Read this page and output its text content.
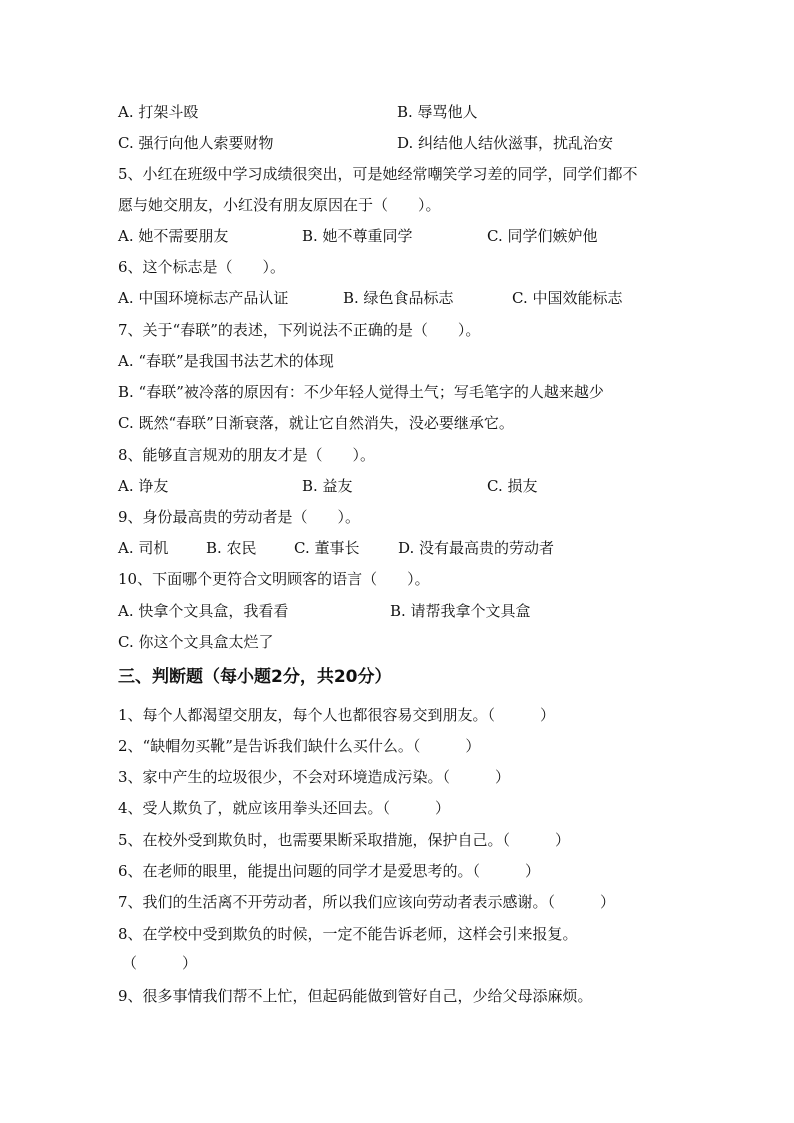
A. 打架斗殴	B. 辱骂他人
C. 强行向他人索要财物	D. 纠结他人结伙滋事，扰乱治安
5、小红在班级中学习成绩很突出，可是她经常嘲笑学习差的同学，同学们都不
愿与她交朋友，小红没有朋友原因在于（　　）。
A. 她不需要朋友	B. 她不尊重同学	C. 同学们嫉妒他
6、这个标志是（　　）。
A. 中国环境标志产品认证	B. 绿色食品标志	C. 中国效能标志
7、关于“春联”的表述，下列说法不正确的是（　　）。
A. “春联”是我国书法艺术的体现
B. “春联”被冷落的原因有：不少年轻人觉得土气；写毛笔字的人越来越少
C. 既然“春联”日渐衰落，就让它自然消失，没必要继承它。
8、能够直言规劝的朋友才是（　　）。
A. 诤友	B. 益友	C. 损友
9、身份最高贵的劳动者是（　　）。
A. 司机	B. 农民 C. 董事长	D. 没有最高贵的劳动者
10、下面哪个更符合文明顾客的语言（　　）。
A. 快拿个文具盒，我看看	B. 请帮我拿个文具盒
C. 你这个文具盒太烂了
三、判断题（每小题2分，共20分）
1、每个人都渴望交朋友，每个人也都很容易交到朋友。（　　　）
2、“缺帽勿买靴”是告诉我们缺什么买什么。（　　　）
3、家中产生的垃圾很少，不会对环境造成污染。（　　　）
4、受人欺负了，就应该用拳头还回去。（　　　）
5、在校外受到欺负时，也需要果断采取措施，保护自己。（　　　）
6、在老师的眼里，能提出问题的同学才是爱思考的。（　　　）
7、我们的生活离不开劳动者，所以我们应该向劳动者表示感谢。（　　　）
8、在学校中受到欺负的时候，一定不能告诉老师，这样会引来报复。
（　　　）
9、很多事情我们帮不上忙，但起码能做到管好自己，少给父母添麻烦。
